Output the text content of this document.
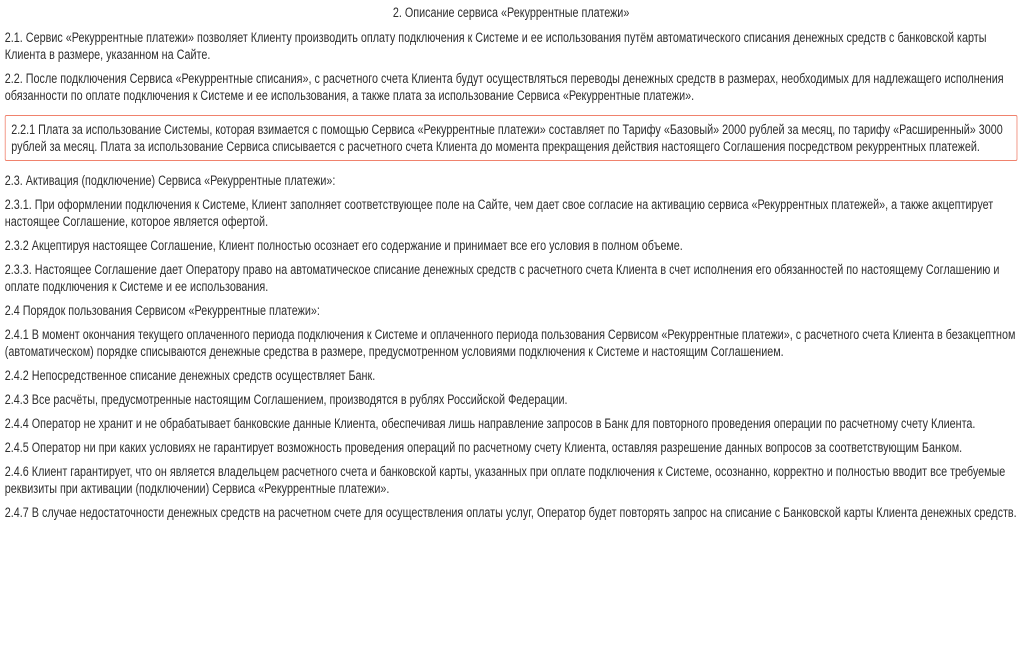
2. Описание сервиса «Рекуррентные платежи»

2.1. Сервис «Рекуррентные платежи» позволяет Клиенту производить оплату подключения к Системе и ее использования путём автоматического списания денежных средств с банковской карты Клиента в размере, указанном на Сайте.

2.2. После подключения Сервиса «Рекуррентные списания», с расчетного счета Клиента будут осуществляться переводы денежных средств в размерах, необходимых для надлежащего исполнения обязанности по оплате подключения к Системе и ее использования, а также плата за использование Сервиса «Рекуррентные платежи».

2.2.1 Плата за использование Системы, которая взимается с помощью Сервиса «Рекуррентные платежи» составляет по Тарифу «Базовый» 2000 рублей за месяц, по тарифу «Расширенный» 3000 рублей за месяц. Плата за использование Сервиса списывается с расчетного счета Клиента до момента прекращения действия настоящего Соглашения посредством рекуррентных платежей.

2.3. Активация (подключение) Сервиса «Рекуррентные платежи»:

2.3.1. При оформлении подключения к Системе, Клиент заполняет соответствующее поле на Сайте, чем дает свое согласие на активацию сервиса «Рекуррентных платежей», а также акцептирует настоящее Соглашение, которое является офертой.

2.3.2 Акцептируя настоящее Соглашение, Клиент полностью осознает его содержание и принимает все его условия в полном объеме.

2.3.3. Настоящее Соглашение дает Оператору право на автоматическое списание денежных средств с расчетного счета Клиента в счет исполнения его обязанностей по настоящему Соглашению и оплате подключения к Системе и ее использования.

2.4 Порядок пользования Сервисом «Рекуррентные платежи»:

2.4.1 В момент окончания текущего оплаченного периода подключения к Системе и оплаченного периода пользования Сервисом «Рекуррентные платежи», с расчетного счета Клиента в безакцептном (автоматическом) порядке списываются денежные средства в размере, предусмотренном условиями подключения к Системе и настоящим Соглашением.

2.4.2 Непосредственное списание денежных средств осуществляет Банк.

2.4.3 Все расчёты, предусмотренные настоящим Соглашением, производятся в рублях Российской Федерации.

2.4.4 Оператор не хранит и не обрабатывает банковские данные Клиента, обеспечивая лишь направление запросов в Банк для повторного проведения операции по расчетному счету Клиента.

2.4.5 Оператор ни при каких условиях не гарантирует возможность проведения операций по расчетному счету Клиента, оставляя разрешение данных вопросов за соответствующим Банком.

2.4.6 Клиент гарантирует, что он является владельцем расчетного счета и банковской карты, указанных при оплате подключения к Системе, осознанно, корректно и полностью вводит все требуемые реквизиты при активации (подключении) Сервиса «Рекуррентные платежи».

2.4.7 В случае недостаточности денежных средств на расчетном счете для осуществления оплаты услуг, Оператор будет повторять запрос на списание с Банковской карты Клиента денежных средств.
